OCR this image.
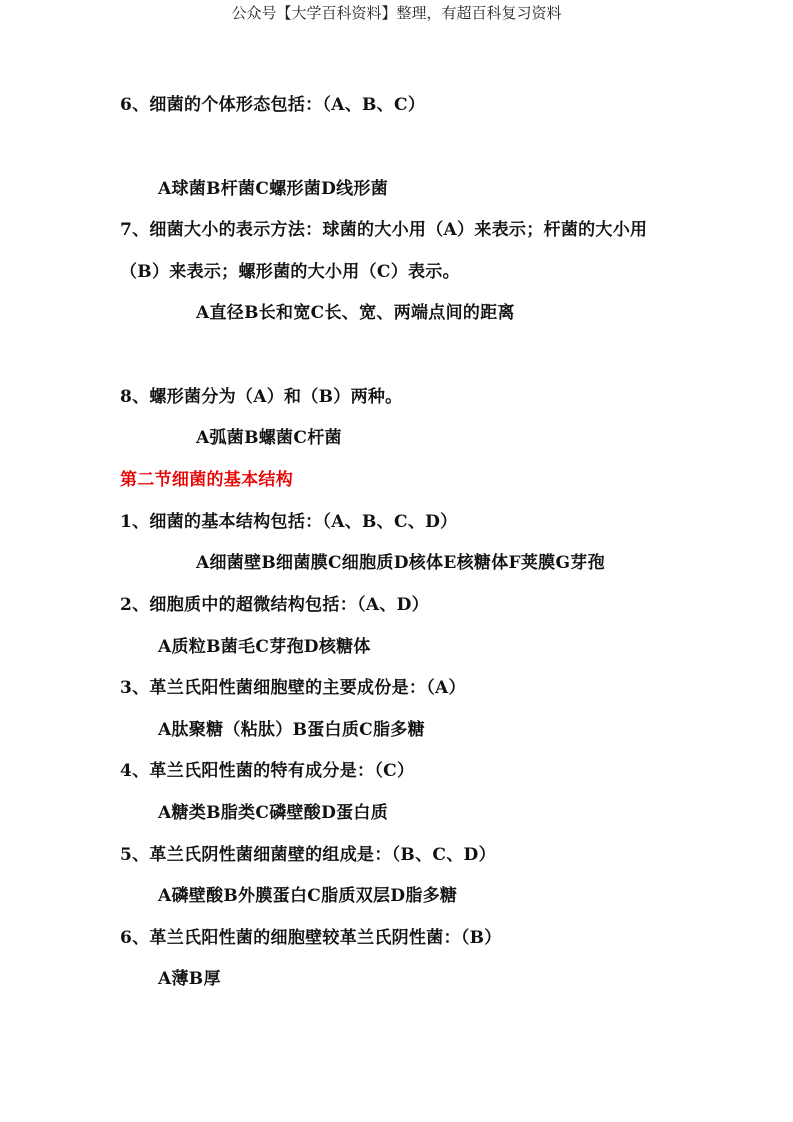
公众号【大学百科资料】整理，有超百科复习资料
6、细菌的个体形态包括：（A、B、C）
A球菌B杆菌C螺形菌D线形菌
7、细菌大小的表示方法：球菌的大小用（A）来表示；杆菌的大小用
（B）来表示；螺形菌的大小用（C）表示。
A直径B长和宽C长、宽、两端点间的距离
8、螺形菌分为（A）和（B）两种。
A弧菌B螺菌C杆菌
第二节细菌的基本结构
1、细菌的基本结构包括：（A、B、C、D）
A细菌壁B细菌膜C细胞质D核体E核糖体F荚膜G芽孢
2、细胞质中的超微结构包括：（A、D）
A质粒B菌毛C芽孢D核糖体
3、革兰氏阳性菌细胞壁的主要成份是：（A）
A肽聚糖（粘肽）B蛋白质C脂多糖
4、革兰氏阳性菌的特有成分是：（C）
A糖类B脂类C磷壁酸D蛋白质
5、革兰氏阴性菌细菌壁的组成是：（B、C、D）
A磷壁酸B外膜蛋白C脂质双层D脂多糖
6、革兰氏阳性菌的细胞壁较革兰氏阴性菌：（B）
A薄B厚
